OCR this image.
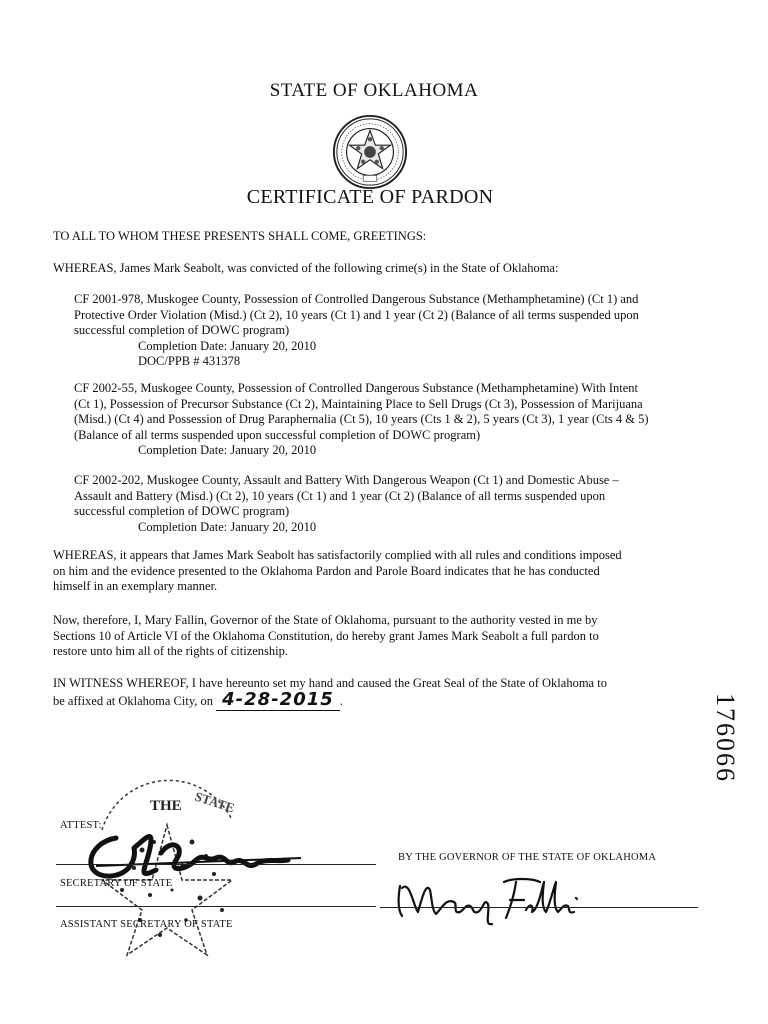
STATE OF OKLAHOMA
CERTIFICATE OF PARDON
TO ALL TO WHOM THESE PRESENTS SHALL COME, GREETINGS:
WHEREAS, James Mark Seabolt, was convicted of the following crime(s) in the State of Oklahoma:
CF 2001-978, Muskogee County, Possession of Controlled Dangerous Substance (Methamphetamine) (Ct 1) and
Protective Order Violation (Misd.) (Ct 2), 10 years (Ct 1) and 1 year (Ct 2) (Balance of all terms suspended upon
successful completion of DOWC program)
Completion Date: January 20, 2010
DOC/PPB # 431378
CF 2002-55, Muskogee County, Possession of Controlled Dangerous Substance (Methamphetamine) With Intent
(Ct 1), Possession of Precursor Substance (Ct 2), Maintaining Place to Sell Drugs (Ct 3), Possession of Marijuana
(Misd.) (Ct 4) and Possession of Drug Paraphernalia (Ct 5), 10 years (Cts 1 & 2), 5 years (Ct 3), 1 year (Cts 4 & 5)
(Balance of all terms suspended upon successful completion of DOWC program)
Completion Date: January 20, 2010
CF 2002-202, Muskogee County, Assault and Battery With Dangerous Weapon (Ct 1) and Domestic Abuse –
Assault and Battery (Misd.) (Ct 2), 10 years (Ct 1) and 1 year (Ct 2) (Balance of all terms suspended upon
successful completion of DOWC program)
Completion Date: January 20, 2010
WHEREAS, it appears that James Mark Seabolt has satisfactorily complied with all rules and conditions imposed
on him and the evidence presented to the Oklahoma Pardon and Parole Board indicates that he has conducted
himself in an exemplary manner.
Now, therefore, I, Mary Fallin, Governor of the State of Oklahoma, pursuant to the authority vested in me by
Sections 10 of Article VI of the Oklahoma Constitution, do hereby grant James Mark Seabolt a full pardon to
restore unto him all of the rights of citizenship.
IN WITNESS WHEREOF, I have hereunto set my hand and caused the Great Seal of the State of Oklahoma to
be affixed at Oklahoma City, on 4-28-2015 .	176066
THE STATE
ATTEST:
SECRETARY OF STATE
ASSISTANT SECRETARY OF STATE
BY THE GOVERNOR OF THE STATE OF OKLAHOMA
